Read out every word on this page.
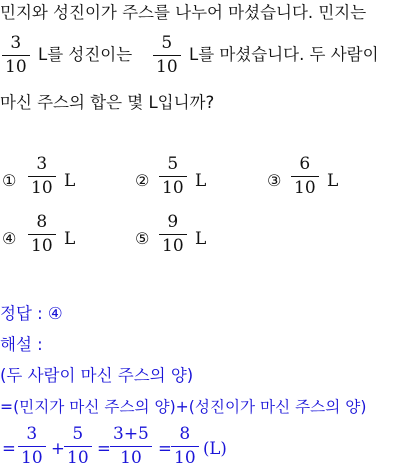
민지와 성진이가 주스를 나누어 마셨습니다. 민지는
3
10
L를 성진이는
5
10
L를 마셨습니다. 두 사람이
마신 주스의 합은 몇 L입니까?
①
3
10 L	②
5
10 L	③
6
10 L
④
8
10 L	⑤
9
10 L
정답 : ④
해설 :
(두 사람이 마신 주스의 양)
=(민지가 마신 주스의 양)+(성진이가 마신 주스의 양)
=
3
10 +
5
10 =
3+5
10 =
8
10 (L)
